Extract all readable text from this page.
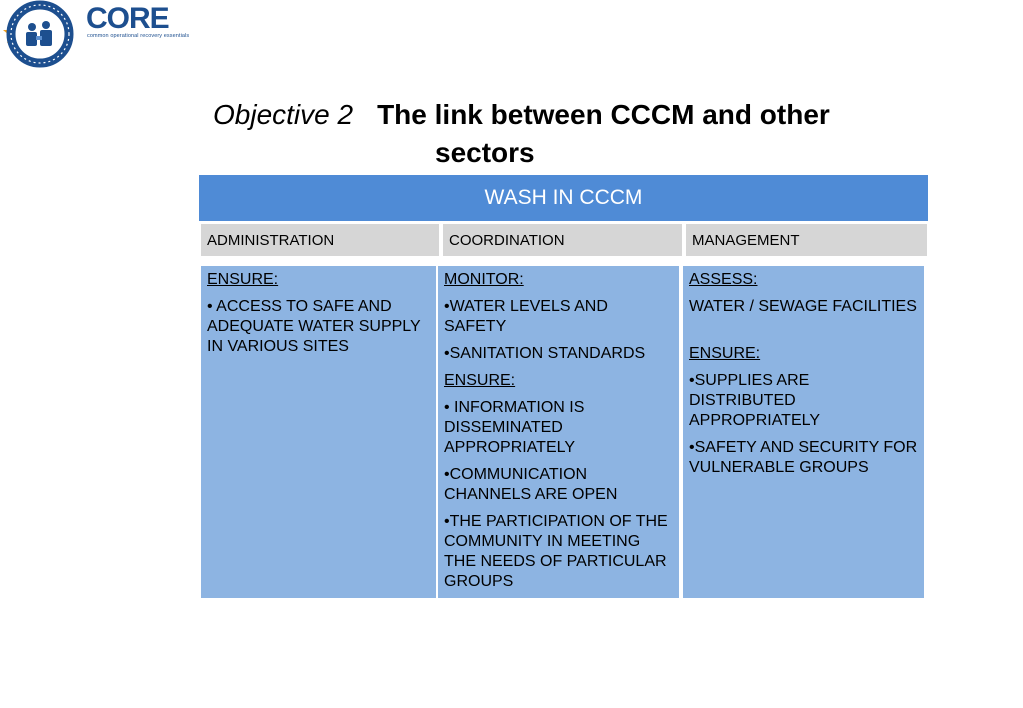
CORE
common operational recovery essentials
Objective 2 The link between CCCM and other
sectors
WASH IN CCCM
ADMINISTRATION	COORDINATION	MANAGEMENT

ENSURE:

• ACCESS TO SAFE AND ADEQUATE WATER SUPPLY IN VARIOUS SITES

MONITOR:

•WATER LEVELS AND SAFETY

•SANITATION STANDARDS

ENSURE:

• INFORMATION IS DISSEMINATED APPROPRIATELY

•COMMUNICATION CHANNELS ARE OPEN

•THE PARTICIPATION OF THE COMMUNITY IN MEETING THE NEEDS OF PARTICULAR GROUPS

ASSESS:

WATER / SEWAGE FACILITIES

ENSURE:

•SUPPLIES ARE DISTRIBUTED APPROPRIATELY

•SAFETY AND SECURITY FOR VULNERABLE GROUPS
